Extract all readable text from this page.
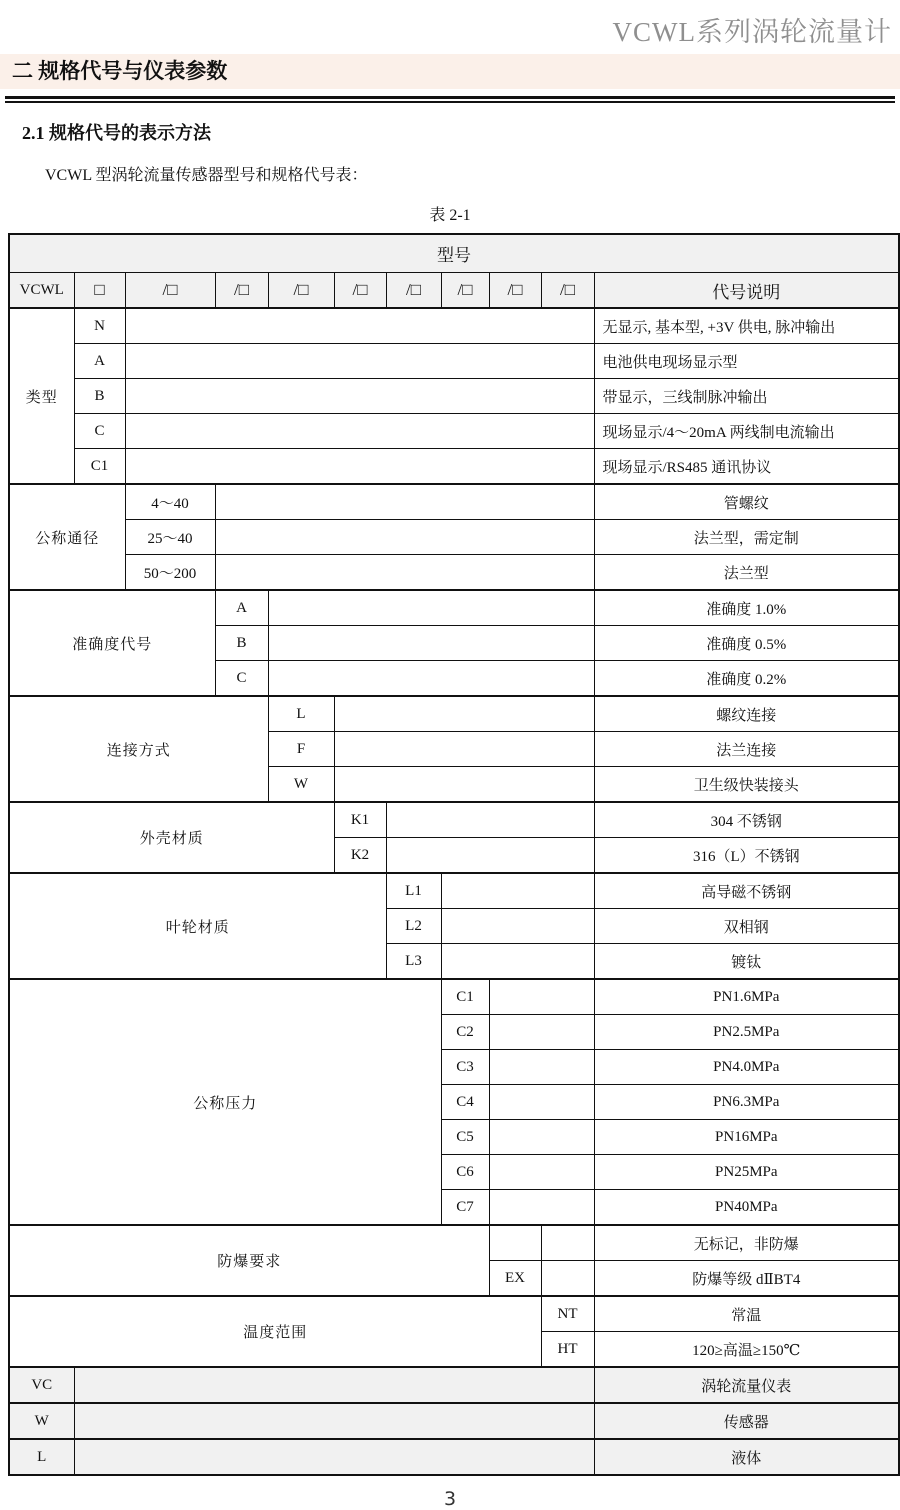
VCWL系列涡轮流量计
二 规格代号与仪表参数
2.1 规格代号的表示方法
VCWL 型涡轮流量传感器型号和规格代号表：
表 2-1
型号										
VCWL	□	/□	/□	/□	/□	/□	/□	/□	/□	代号说明
类型	N									无显示, 基本型, +3V 供电, 脉冲输出
	A									电池供电现场显示型
	B									带显示，三线制脉冲输出
	C									现场显示/4～20mA 两线制电流输出
	C1									现场显示/RS485 通讯协议
公称通径		4～40								管螺纹
		25～40								法兰型，需定制
		50～200								法兰型
准确度代号			A							准确度 1.0%
			B							准确度 0.5%
			C							准确度 0.2%
连接方式				L						螺纹连接
				F						法兰连接
				W						卫生级快装接头
外壳材质					K1					304 不锈钢
					K2					316（L）不锈钢
叶轮材质						L1				高导磁不锈钢
						L2				双相钢
						L3				镀钛
公称压力							C1			PN1.6MPa
							C2			PN2.5MPa
							C3			PN4.0MPa
							C4			PN6.3MPa
							C5			PN16MPa
							C6			PN25MPa
							C7			PN40MPa
防爆要求										无标记，非防爆
								EX		防爆等级 dⅡBT4
温度范围									NT	常温
									HT	120≥高温≥150℃
VC										涡轮流量仪表
W										传感器
L										液体
3
